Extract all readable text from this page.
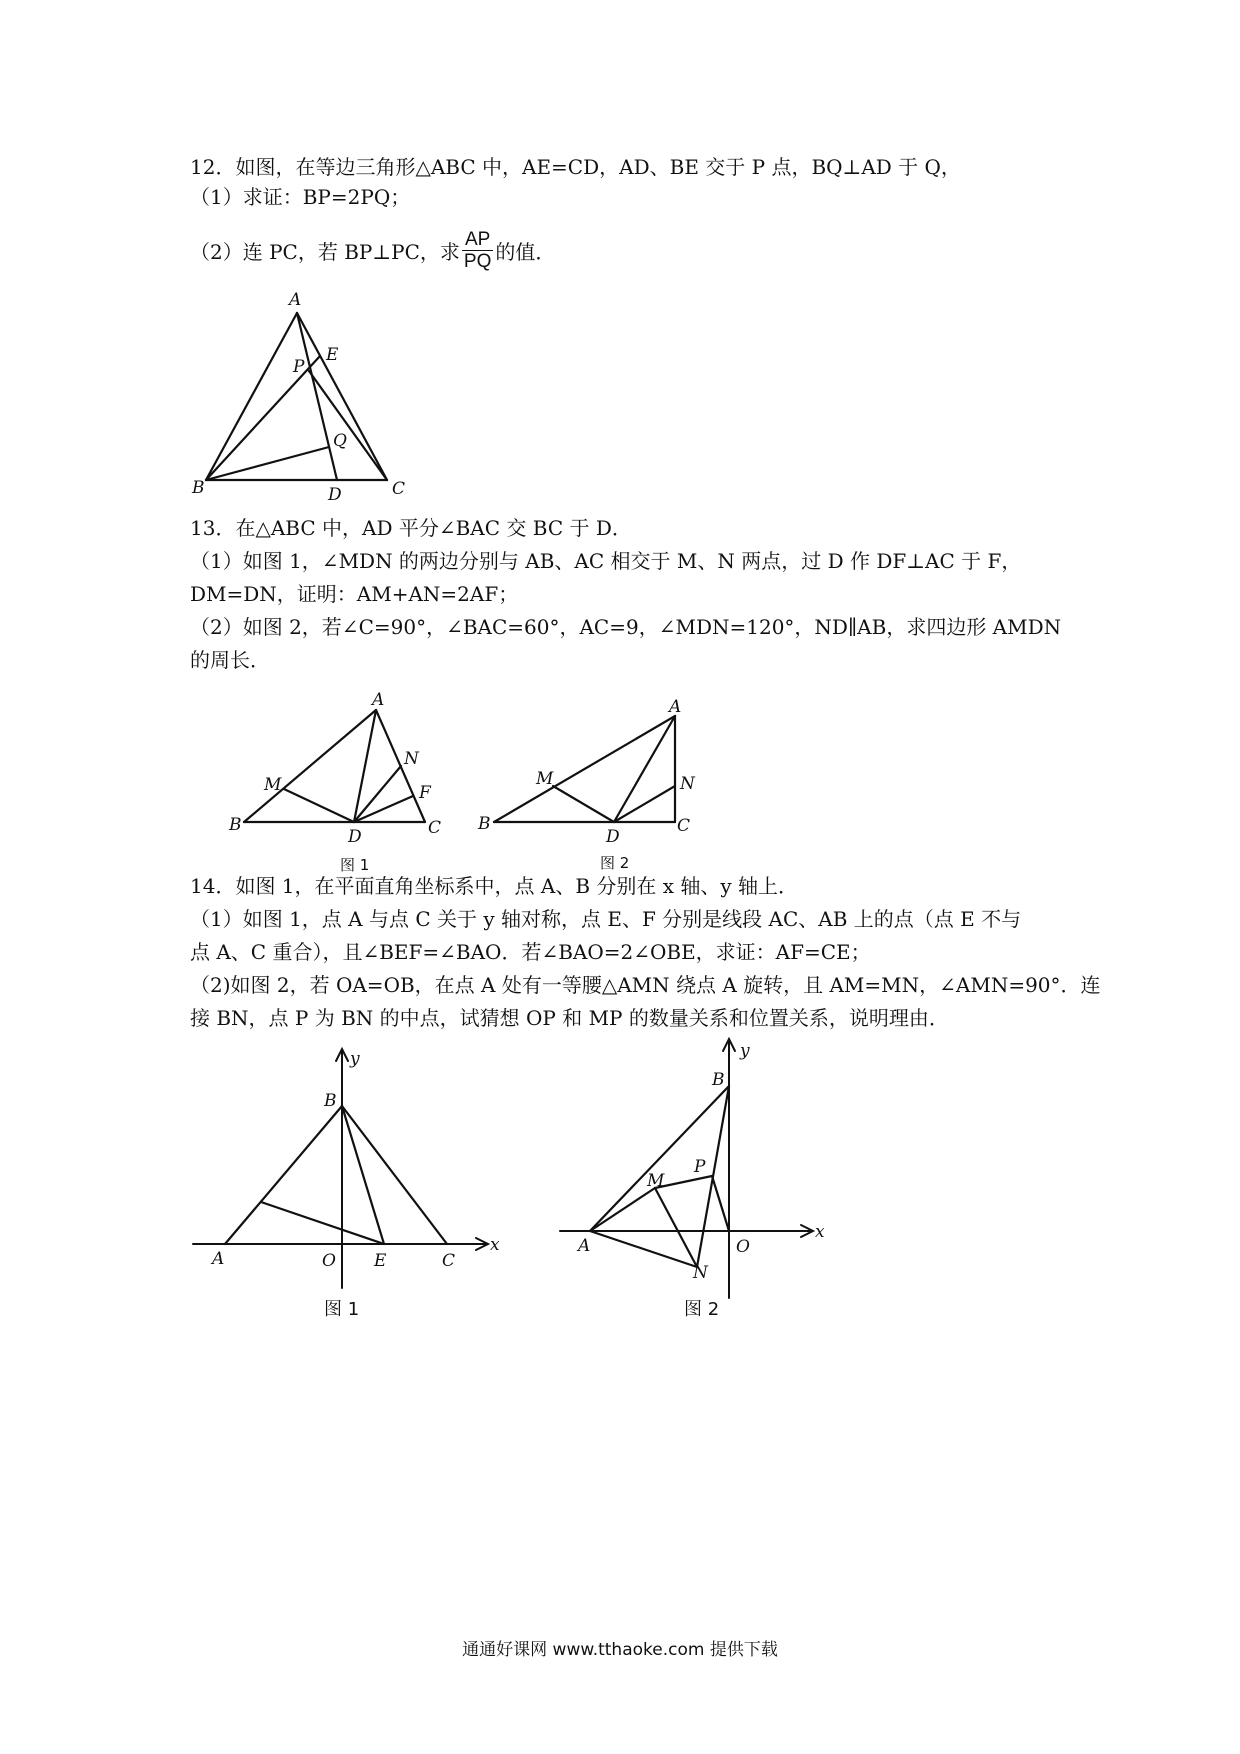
12．如图，在等边三角形△ABC 中，AE=CD，AD、BE 交于 P 点，BQ⊥AD 于 Q，
（1）求证：BP=2PQ；
（2）连 PC，若 BP⊥PC，求 $\frac{AP}{PQ}$ 的值．
A
B	C
D
E
P
Q
13．在△ABC 中，AD 平分∠BAC 交 BC 于 D．
（1）如图 1，∠MDN 的两边分别与 AB、AC 相交于 M、N 两点，过 D 作 DF⊥AC 于 F，
DM=DN，证明：AM+AN=2AF；
（2）如图 2，若∠C=90°，∠BAC=60°，AC=9，∠MDN=120°，ND∥AB，求四边形 AMDN
的周长．
A
B	C
D
M
N
F
图 1
A
B	C
D
M	N
图 2
14．如图 1，在平面直角坐标系中，点 A、B 分别在 x 轴、y 轴上．
（1）如图 1，点 A 与点 C 关于 y 轴对称，点 E、F 分别是线段 AC、AB 上的点（点 E 不与
点 A、C 重合），且∠BEF=∠BAO．若∠BAO=2∠OBE，求证：AF=CE；
（2)如图 2，若 OA=OB，在点 A 处有一等腰△AMN 绕点 A 旋转，且 AM=MN，∠AMN=90°．连
接 BN，点 P 为 BN 的中点，试猜想 OP 和 MP 的数量关系和位置关系，说明理由．
A
B
C
E
O
x
y
图 1
A
B
M
N
O
P
x
y
图 2
通通好课网 www.tthaoke.com 提供下载
